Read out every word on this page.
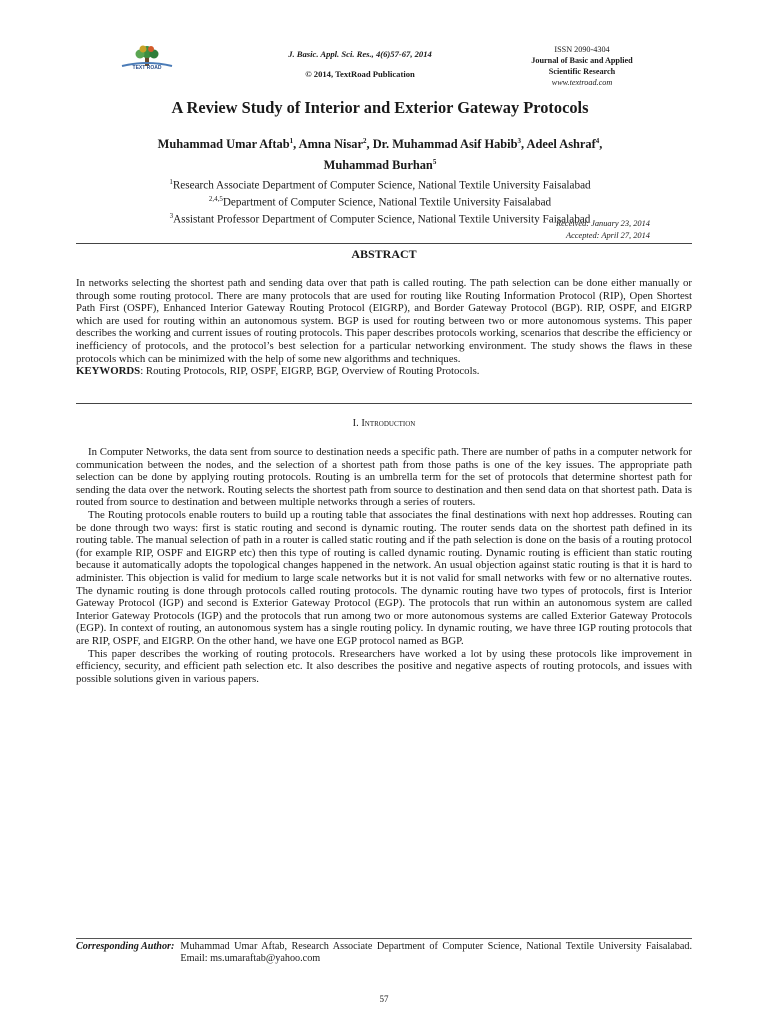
TEXT ROAD
J. Basic. Appl. Sci. Res., 4(6)57-67, 2014
© 2014, TextRoad Publication
ISSN 2090-4304
Journal of Basic and Applied
Scientific Research
www.textroad.com
A Review Study of Interior and Exterior Gateway Protocols
Muhammad Umar Aftab$^1$, Amna Nisar$^2$, Dr. Muhammad Asif Habib$^3$, Adeel Ashraf$^4$,
Muhammad Burhan$^5$
$^1$Research Associate Department of Computer Science, National Textile University Faisalabad
$^{2,4,5}$Department of Computer Science, National Textile University Faisalabad
$^3$Assistant Professor Department of Computer Science, National Textile University Faisalabad
Received: January 23, 2014
Accepted: April 27, 2014
ABSTRACT

In networks selecting the shortest path and sending data over that path is called routing. The path selection can be done either manually or through some routing protocol. There are many protocols that are used for routing like Routing Information Protocol (RIP), Open Shortest Path First (OSPF), Enhanced Interior Gateway Routing Protocol (EIGRP), and Border Gateway Protocol (BGP). RIP, OSPF, and EIGRP which are used for routing within an autonomous system. BGP is used for routing between two or more autonomous systems. This paper describes the working and current issues of routing protocols. This paper describes protocols working, scenarios that describe the efficiency or inefficiency of protocols, and the protocol’s best selection for a particular networking environment. The study shows the flaws in these protocols which can be minimized with the help of some new algorithms and techniques.

KEYWORDS: Routing Protocols, RIP, OSPF, EIGRP, BGP, Overview of Routing Protocols.

I. Introduction

In Computer Networks, the data sent from source to destination needs a specific path. There are number of paths in a computer network for communication between the nodes, and the selection of a shortest path from those paths is one of the key issues. The appropriate path selection can be done by applying routing protocols. Routing is an umbrella term for the set of protocols that determine shortest path for sending the data over the network. Routing selects the shortest path from source to destination and then send data on that shortest path. Data is routed from source to destination and between multiple networks through a series of routers.

The Routing protocols enable routers to build up a routing table that associates the final destinations with next hop addresses. Routing can be done through two ways: first is static routing and second is dynamic routing. The router sends data on the shortest path defined in its routing table. The manual selection of path in a router is called static routing and if the path selection is done on the basis of a routing protocol (for example RIP, OSPF and EIGRP etc) then this type of routing is called dynamic routing. Dynamic routing is efficient than static routing because it automatically adopts the topological changes happened in the network. An usual objection against static routing is that it is hard to administer. This objection is valid for medium to large scale networks but it is not valid for small networks with few or no alternative routes. The dynamic routing is done through protocols called routing protocols. The dynamic routing have two types of protocols, first is Interior Gateway Protocol (IGP) and second is Exterior Gateway Protocol (EGP). The protocols that run within an autonomous system are called Interior Gateway Protocols (IGP) and the protocols that run among two or more autonomous systems are called Exterior Gateway Protocols (EGP). In context of routing, an autonomous system has a single routing policy. In dynamic routing, we have three IGP routing protocols that are RIP, OSPF, and EIGRP. On the other hand, we have one EGP protocol named as BGP.

This paper describes the working of routing protocols. Rresearchers have worked a lot by using these protocols like improvement in efficiency, security, and efficient path selection etc. It also describes the positive and negative aspects of routing protocols, and issues with possible solutions given in various papers.

Corresponding Author: Muhammad Umar Aftab, Research Associate Department of Computer Science, National Textile University Faisalabad. Email: ms.umaraftab@yahoo.com
57
